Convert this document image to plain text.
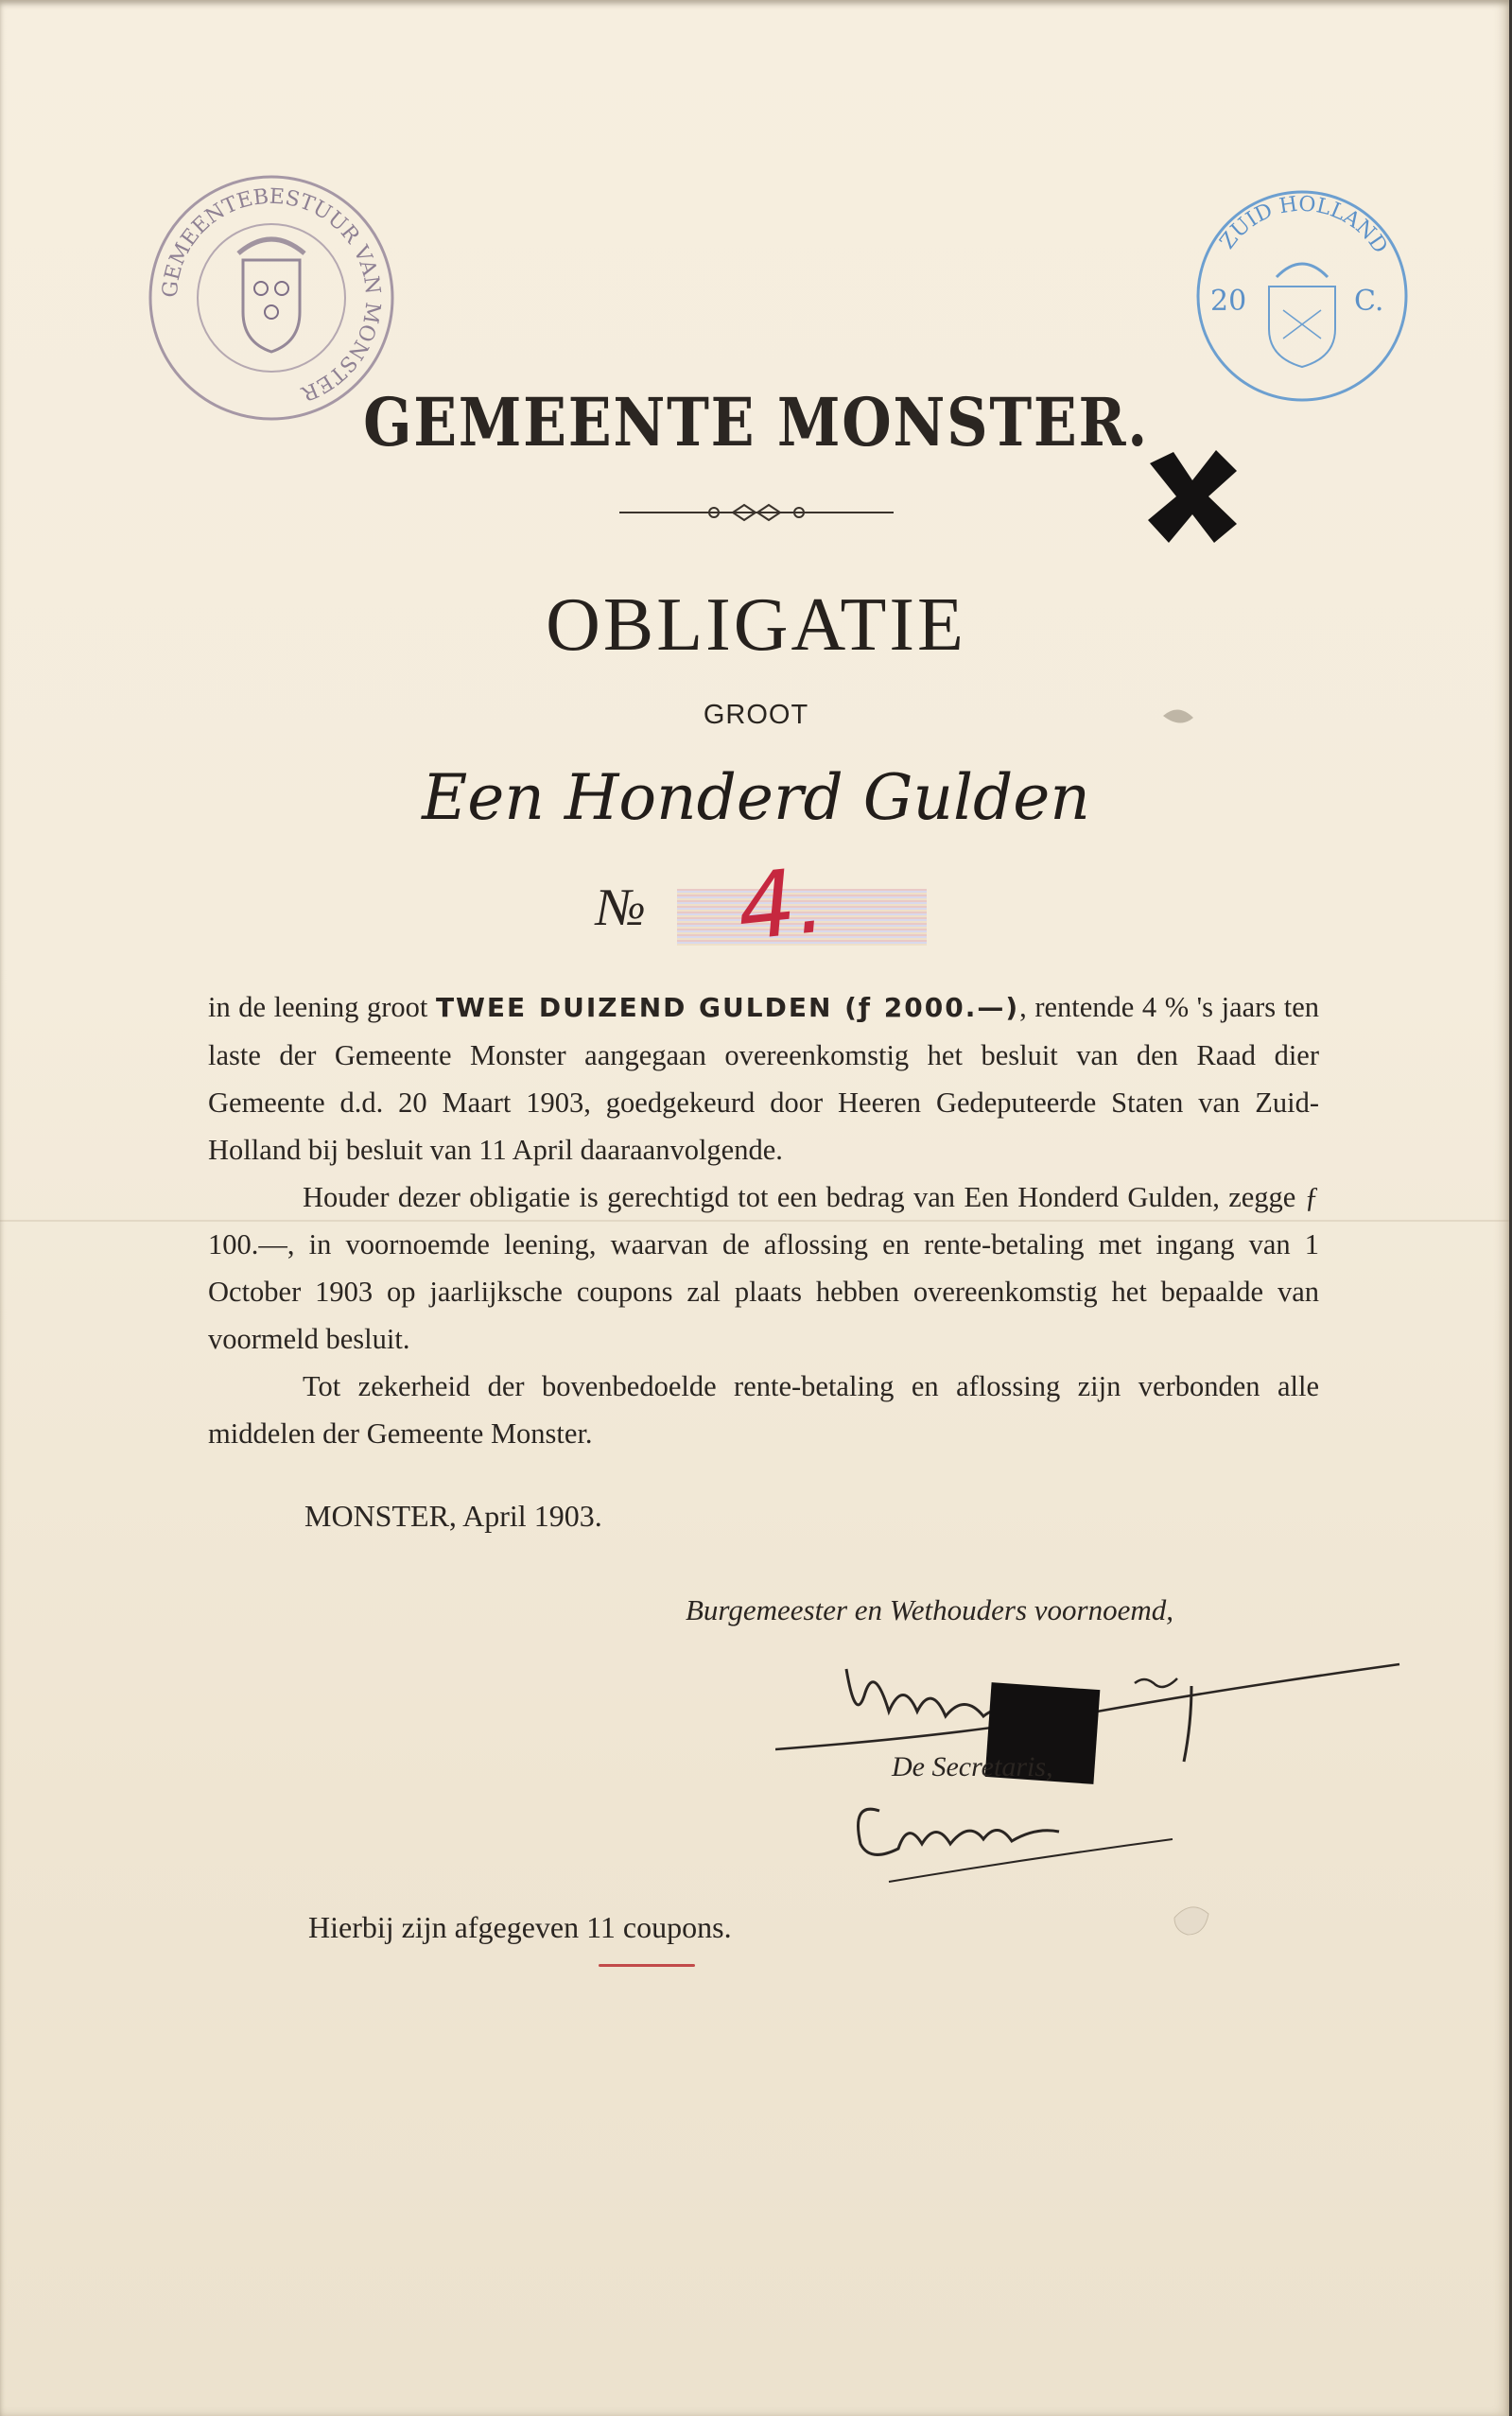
GEMEENTEBESTUUR VAN MONSTER
ZUID HOLLAND
20	C.
GEMEENTE MONSTER.
OBLIGATIE
GROOT
Een Honderd Gulden
№ 4.

in de leening groot TWEE DUIZEND GULDEN (ƒ 2000.—), rentende 4 % 's jaars ten laste der Gemeente Monster aangegaan overeenkomstig het besluit van den Raad dier Gemeente d.d. 20 Maart 1903, goedgekeurd door Heeren Gedeputeerde Staten van Zuid-Holland bij besluit van 11 April daaraanvolgende.

Houder dezer obligatie is gerechtigd tot een bedrag van Een Honderd Gulden, zegge ƒ 100.—, in voornoemde leening, waarvan de aflossing en rente-betaling met ingang van 1 October 1903 op jaarlijksche coupons zal plaats hebben overeenkomstig het bepaalde van voormeld besluit.

Tot zekerheid der bovenbedoelde rente-betaling en aflossing zijn verbonden alle middelen der Gemeente Monster.

MONSTER, April 1903.
Burgemeester en Wethouders voornoemd,
De Secretaris,
Hierbij zijn afgegeven 11 coupons.
